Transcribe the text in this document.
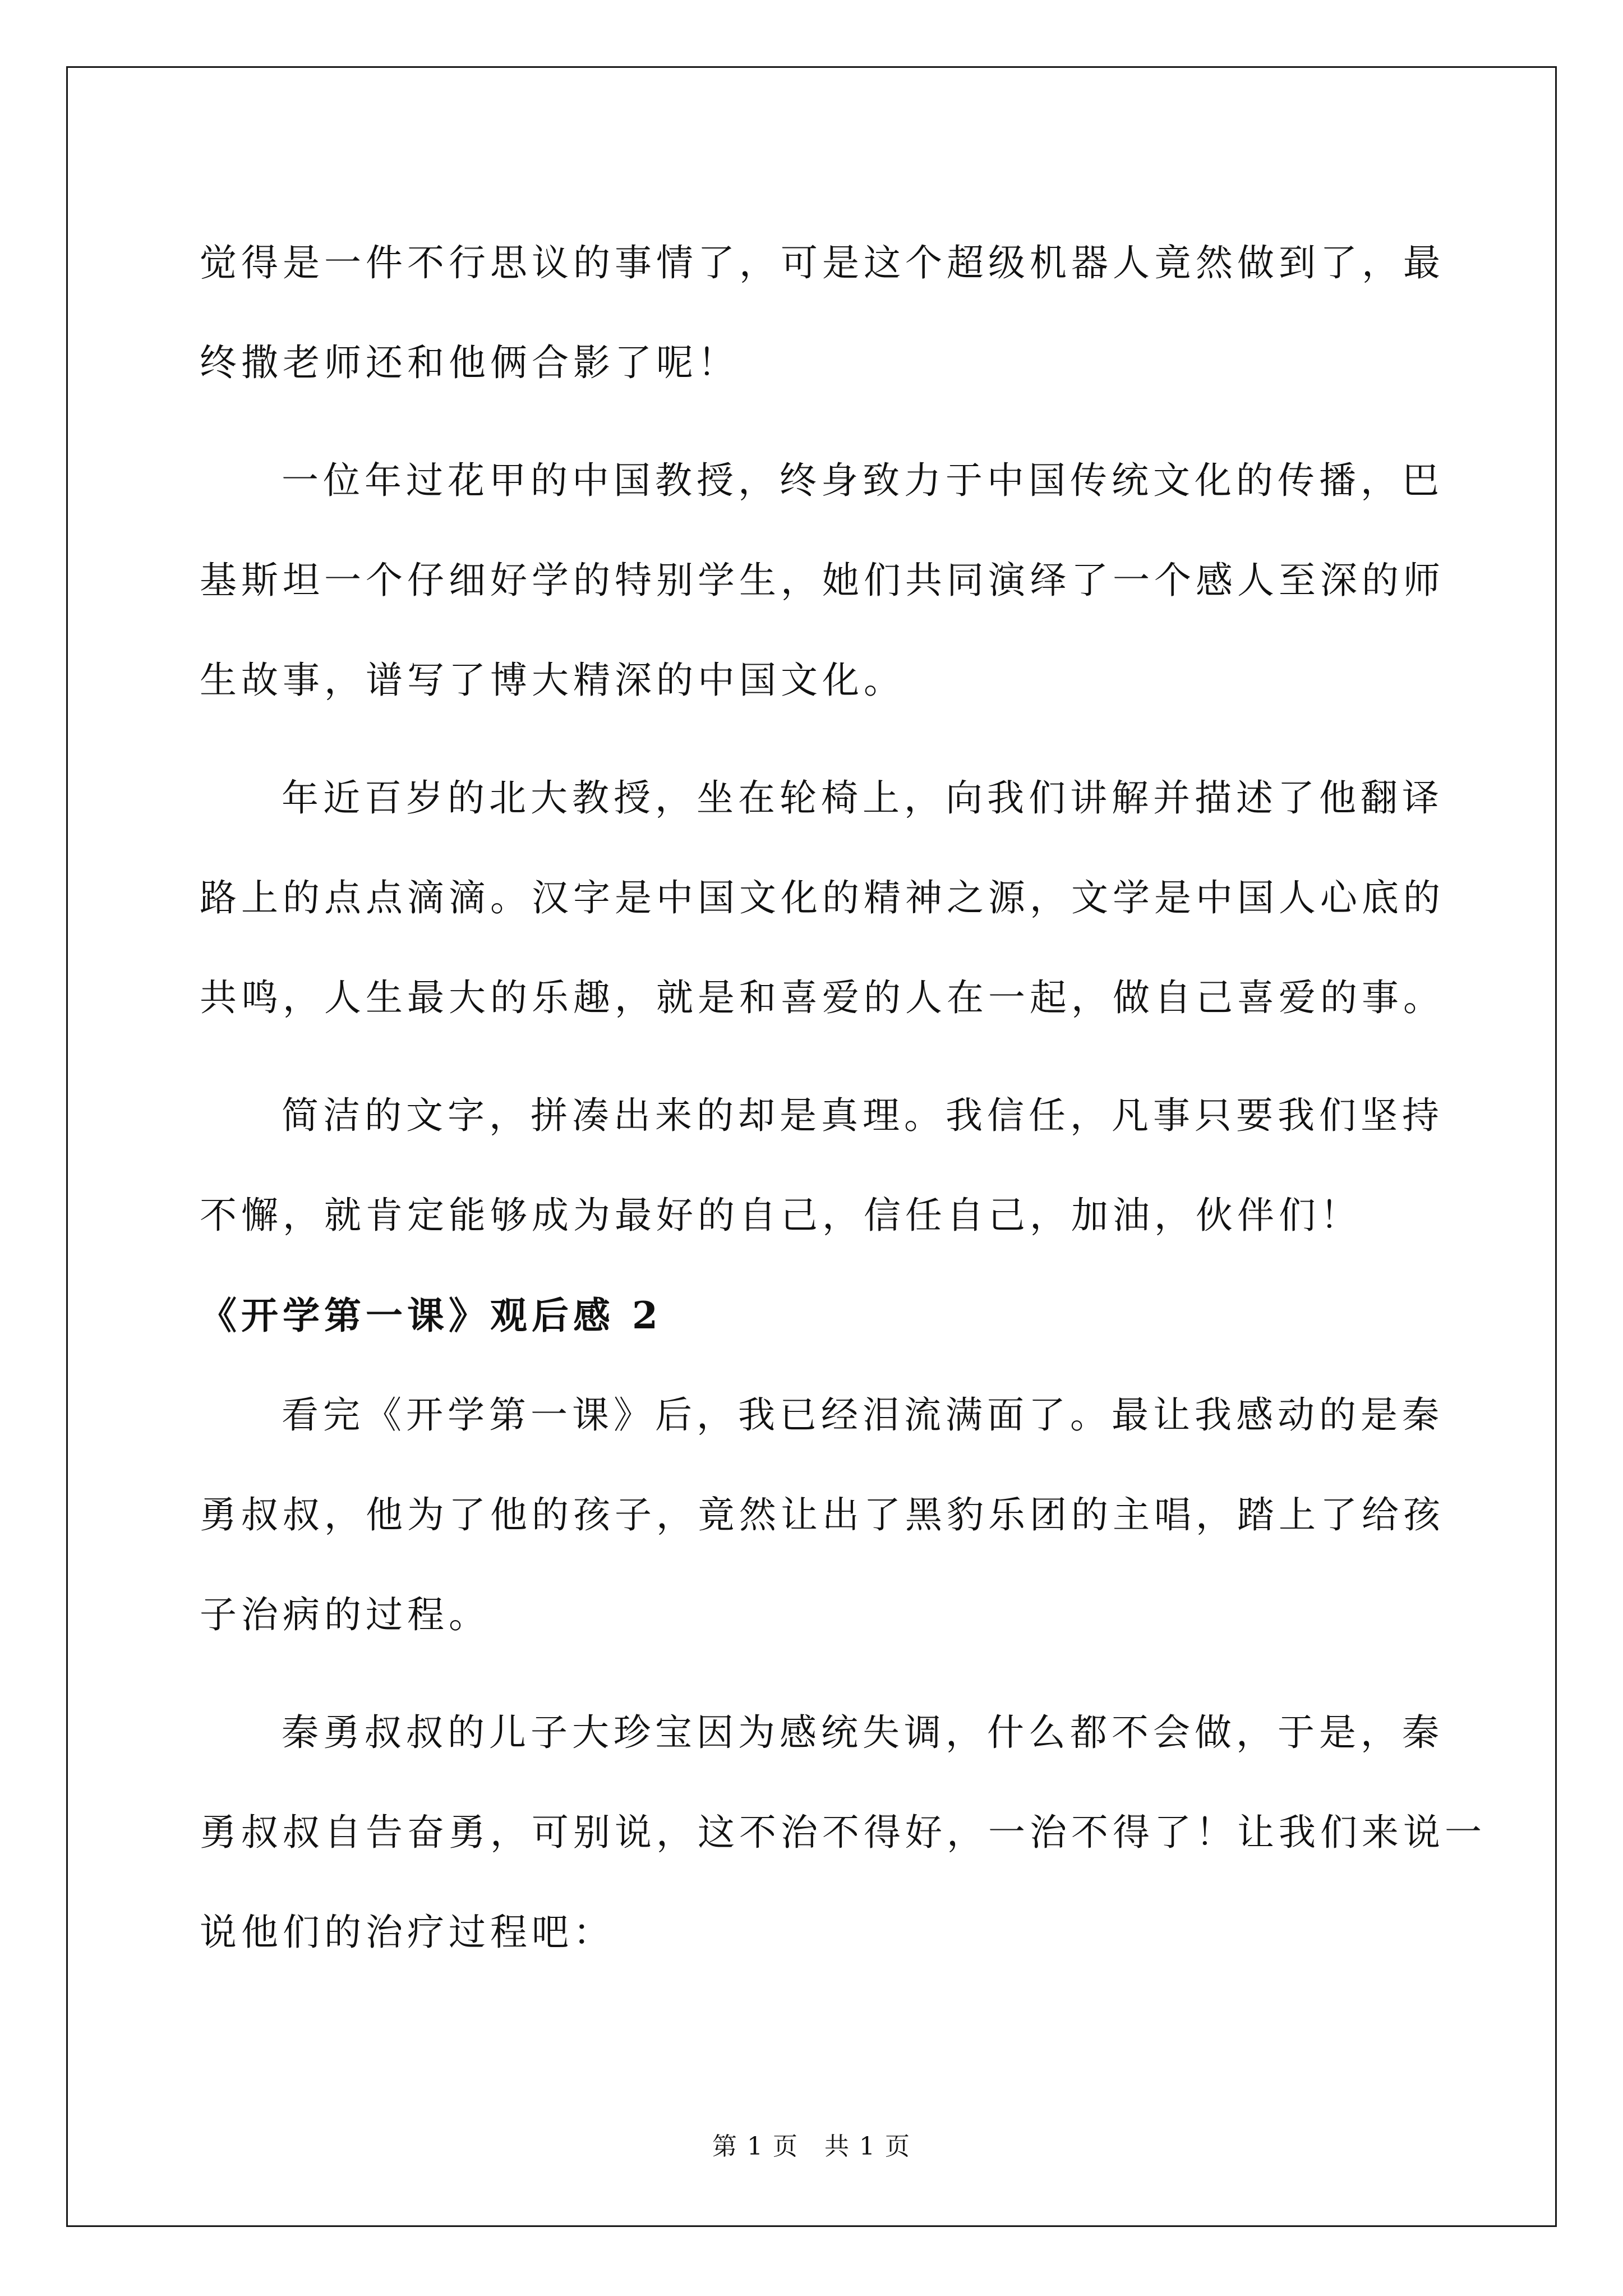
觉得是一件不行思议的事情了，可是这个超级机器人竟然做到了，最

终撒老师还和他俩合影了呢！

一位年过花甲的中国教授，终身致力于中国传统文化的传播，巴

基斯坦一个仔细好学的特别学生，她们共同演绎了一个感人至深的师

生故事，谱写了博大精深的中国文化。

年近百岁的北大教授，坐在轮椅上，向我们讲解并描述了他翻译

路上的点点滴滴。汉字是中国文化的精神之源，文学是中国人心底的

共鸣，人生最大的乐趣，就是和喜爱的人在一起，做自己喜爱的事。

简洁的文字，拼凑出来的却是真理。我信任，凡事只要我们坚持

不懈，就肯定能够成为最好的自己，信任自己，加油，伙伴们！

《开学第一课》观后感 2

看完《开学第一课》后，我已经泪流满面了。最让我感动的是秦

勇叔叔，他为了他的孩子，竟然让出了黑豹乐团的主唱，踏上了给孩

子治病的过程。

秦勇叔叔的儿子大珍宝因为感统失调，什么都不会做，于是，秦

勇叔叔自告奋勇，可别说，这不治不得好，一治不得了！让我们来说一

说他们的治疗过程吧：

第 1 页　共 1 页
